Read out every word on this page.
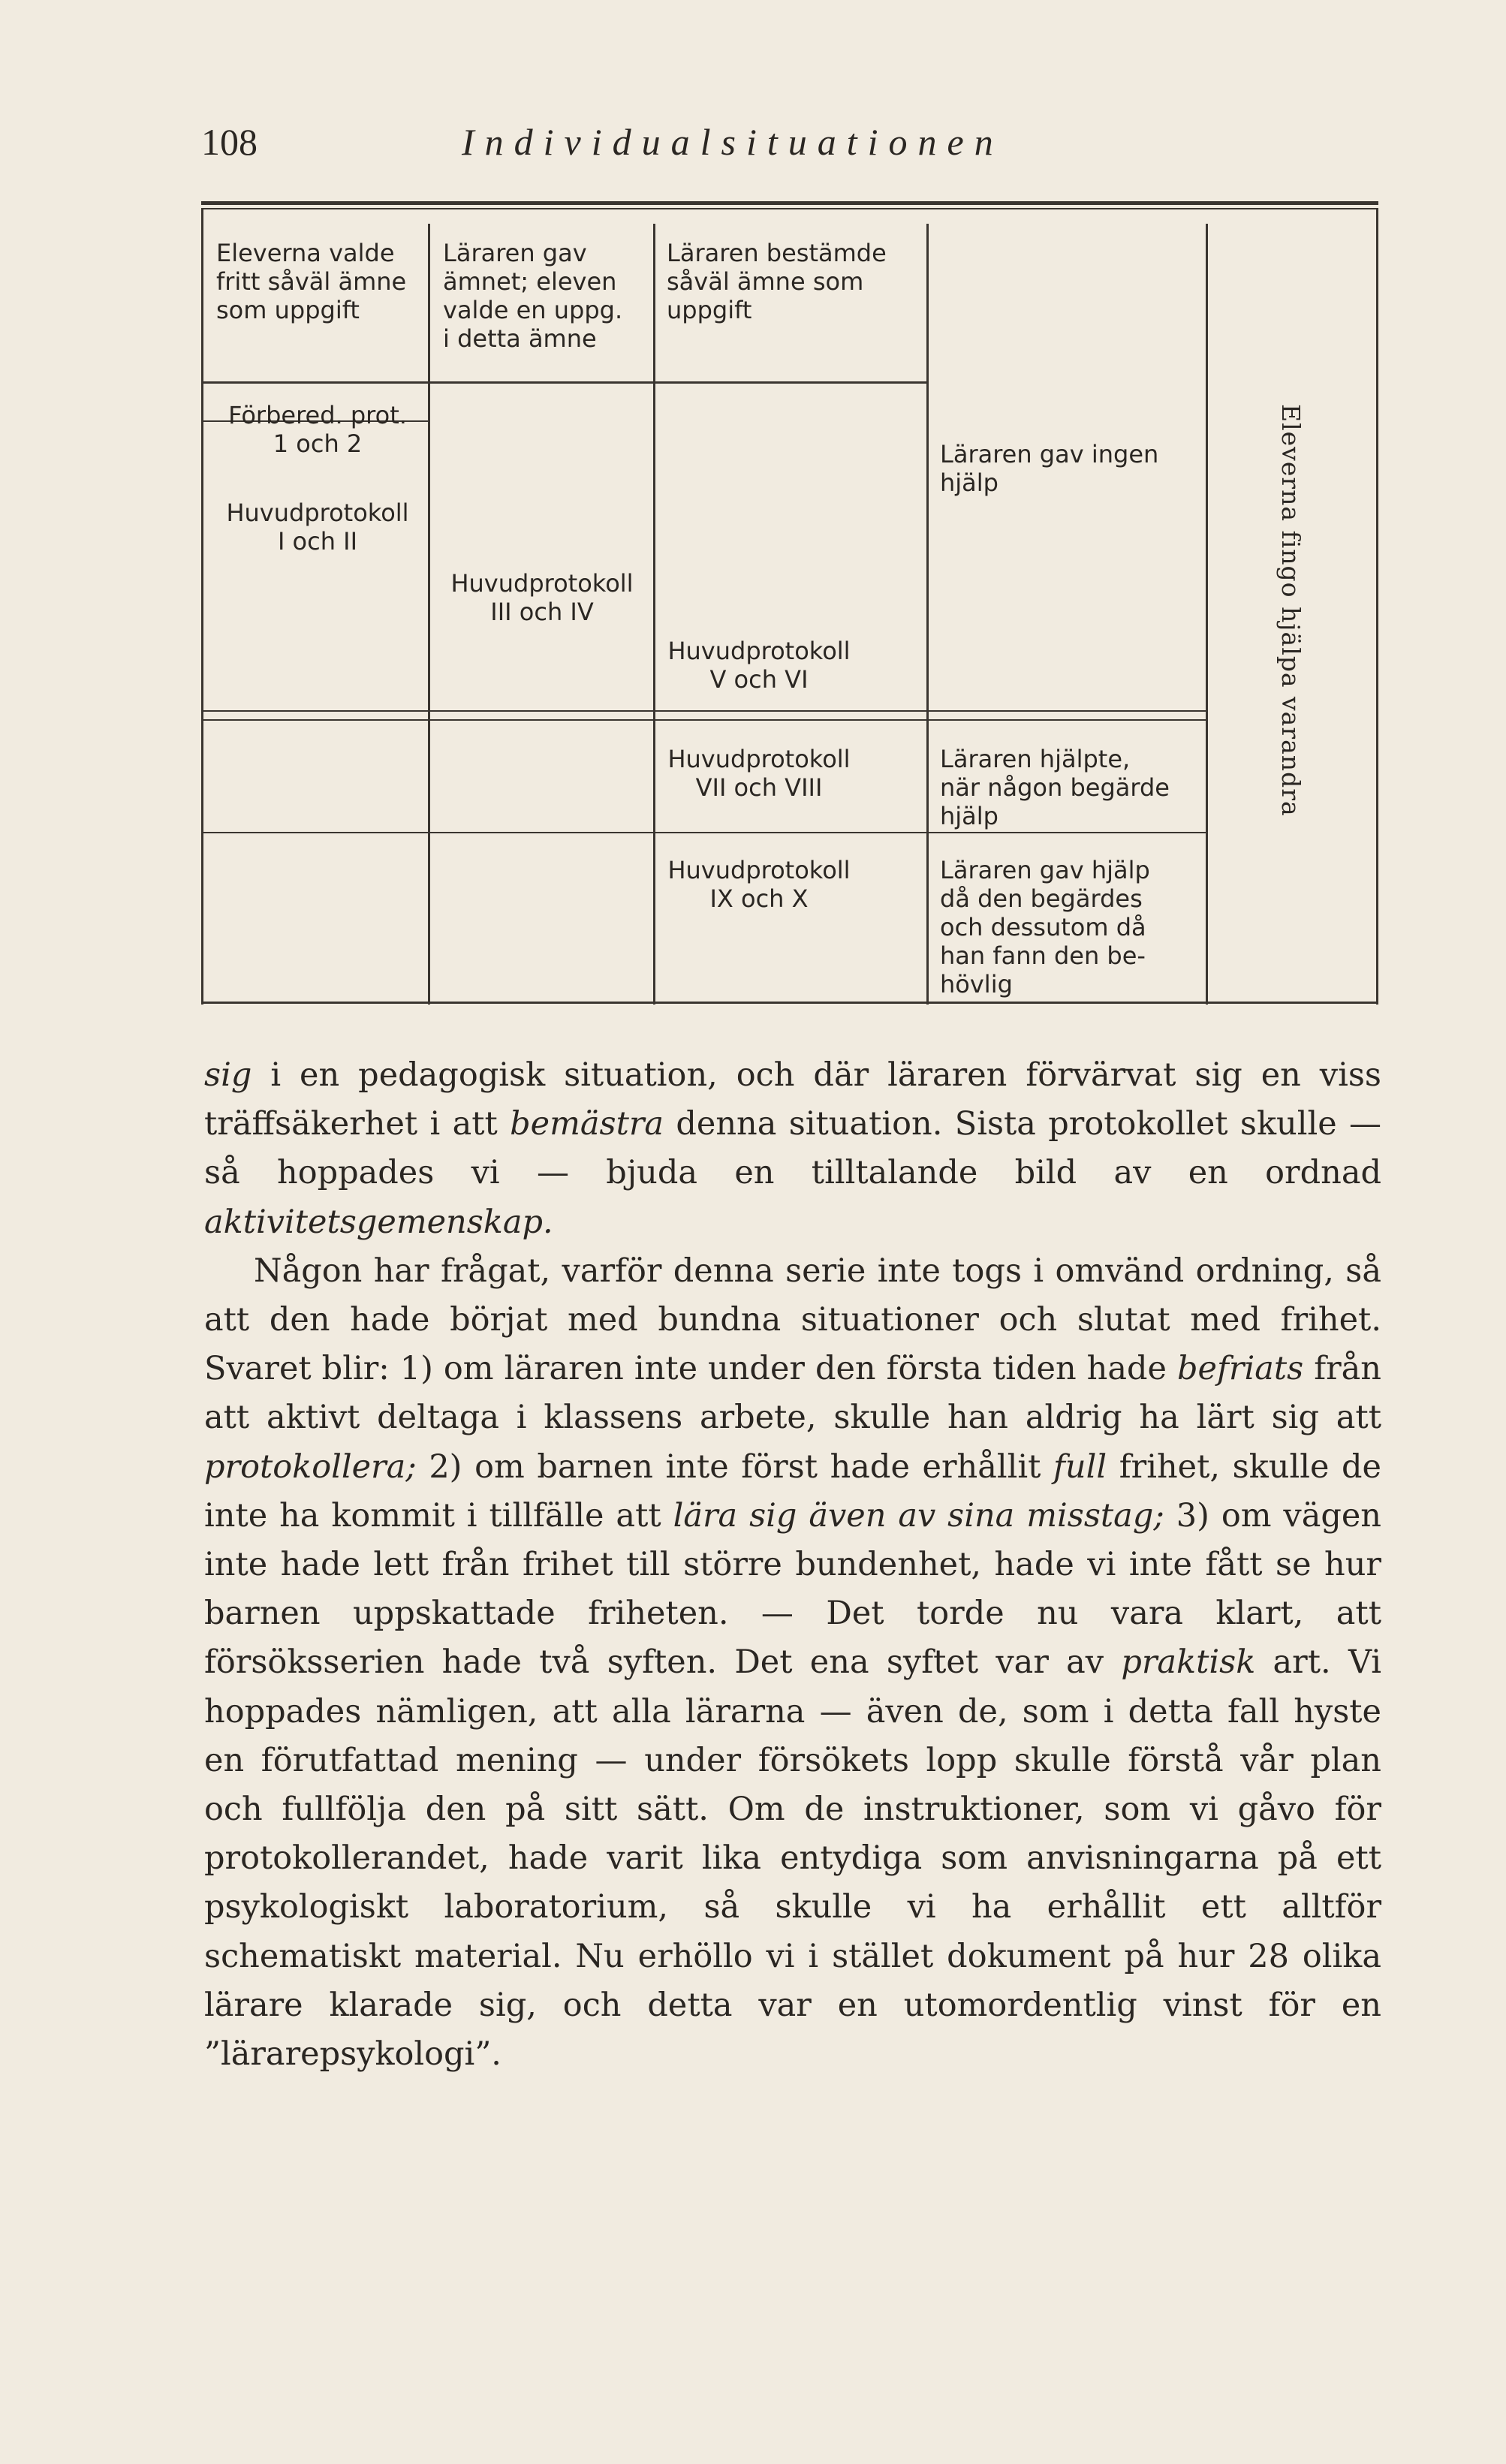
108	Individualsituationen
Eleverna valde
fritt såväl ämne
som uppgift
Läraren gav
ämnet; eleven
valde en uppg.
i detta ämne
Läraren bestämde
såväl ämne som
uppgift
Förbered. prot.
1 och 2
Huvudprotokoll
I och II
Huvudprotokoll
III och IV
Huvudprotokoll
V och VI
Huvudprotokoll
VII och VIII
Huvudprotokoll
IX och X
Läraren gav ingen
hjälp
Läraren hjälpte,
när någon begärde
hjälp
Läraren gav hjälp
då den begärdes
och dessutom då
han fann den be-
hövlig
Eleverna fingo hjälpa varandra

sig i en pedagogisk situation, och där läraren förvärvat sig en viss träffsäkerhet i att bemästra denna situation. Sista protokollet skulle — så hoppades vi — bjuda en tilltalande bild av en ordnad aktivitetsgemenskap.

Någon har frågat, varför denna serie inte togs i omvänd ordning, så att den hade börjat med bundna situationer och slutat med frihet. Svaret blir: 1) om läraren inte under den första tiden hade befriats från att aktivt deltaga i klassens arbete, skulle han aldrig ha lärt sig att protokollera; 2) om barnen inte först hade erhållit full frihet, skulle de inte ha kommit i tillfälle att lära sig även av sina misstag; 3) om vägen inte hade lett från frihet till större bundenhet, hade vi inte fått se hur barnen uppskattade friheten. — Det torde nu vara klart, att försöksserien hade två syften. Det ena syftet var av praktisk art. Vi hoppades nämligen, att alla lärarna — även de, som i detta fall hyste en förutfattad mening — under försökets lopp skulle förstå vår plan och fullfölja den på sitt sätt. Om de instruktioner, som vi gåvo för protokollerandet, hade varit lika entydiga som anvisningarna på ett psykologiskt laboratorium, så skulle vi ha erhållit ett alltför schematiskt material. Nu erhöllo vi i stället dokument på hur 28 olika lärare klarade sig, och detta var en utomordentlig vinst för en ”lärarepsykologi”.
